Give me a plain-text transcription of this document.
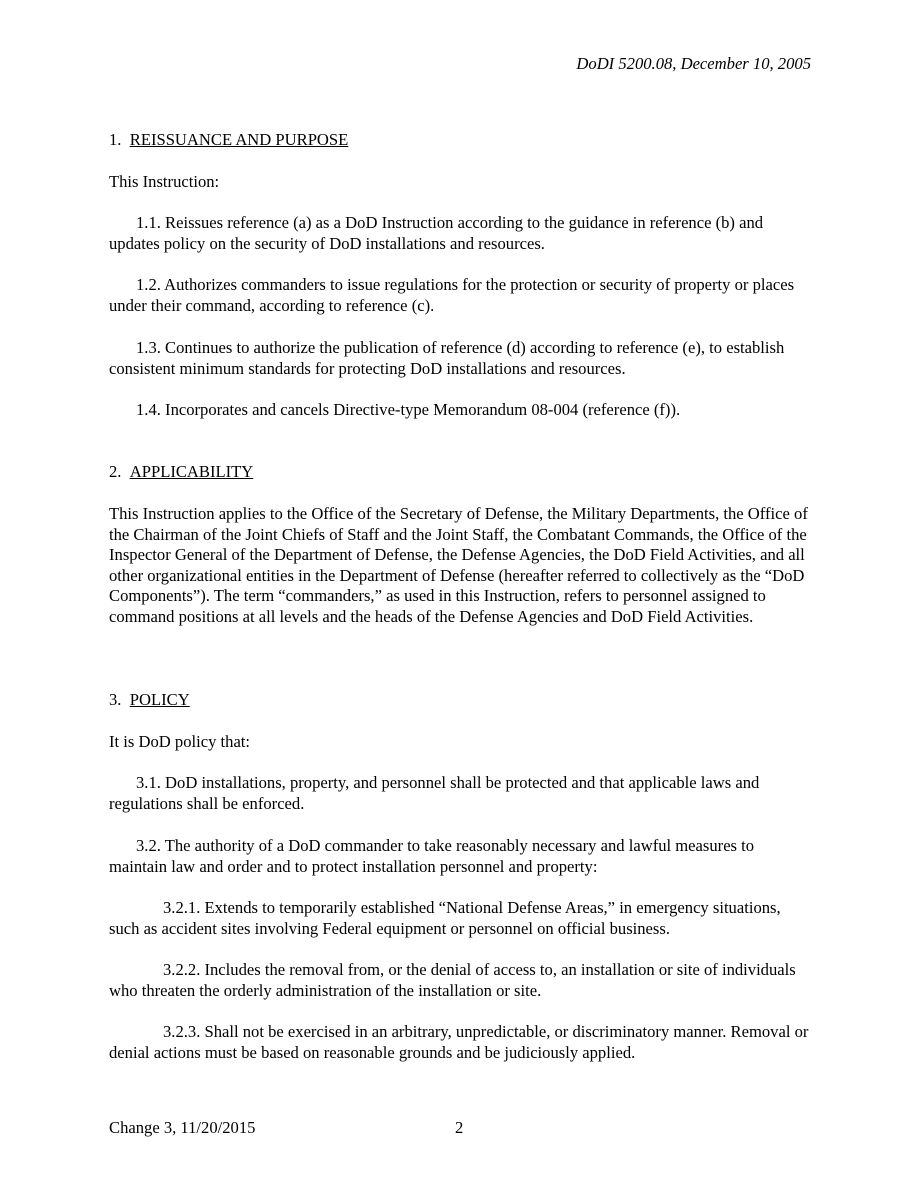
DoDI 5200.08, December 10, 2005
1. REISSUANCE AND PURPOSE

This Instruction:

1.1. Reissues reference (a) as a DoD Instruction according to the guidance in reference (b) and updates policy on the security of DoD installations and resources.

1.2. Authorizes commanders to issue regulations for the protection or security of property or places under their command, according to reference (c).

1.3. Continues to authorize the publication of reference (d) according to reference (e), to establish consistent minimum standards for protecting DoD installations and resources.

1.4. Incorporates and cancels Directive-type Memorandum 08-004 (reference (f)).

2. APPLICABILITY

This Instruction applies to the Office of the Secretary of Defense, the Military Departments, the Office of the Chairman of the Joint Chiefs of Staff and the Joint Staff, the Combatant Commands, the Office of the Inspector General of the Department of Defense, the Defense Agencies, the DoD Field Activities, and all other organizational entities in the Department of Defense (hereafter referred to collectively as the “DoD Components”). The term “commanders,” as used in this Instruction, refers to personnel assigned to command positions at all levels and the heads of the Defense Agencies and DoD Field Activities.

3. POLICY

It is DoD policy that:

3.1. DoD installations, property, and personnel shall be protected and that applicable laws and regulations shall be enforced.

3.2. The authority of a DoD commander to take reasonably necessary and lawful measures to maintain law and order and to protect installation personnel and property:

3.2.1. Extends to temporarily established “National Defense Areas,” in emergency situations, such as accident sites involving Federal equipment or personnel on official business.

3.2.2. Includes the removal from, or the denial of access to, an installation or site of individuals who threaten the orderly administration of the installation or site.

3.2.3. Shall not be exercised in an arbitrary, unpredictable, or discriminatory manner. Removal or denial actions must be based on reasonable grounds and be judiciously applied.

Change 3, 11/20/2015	2
